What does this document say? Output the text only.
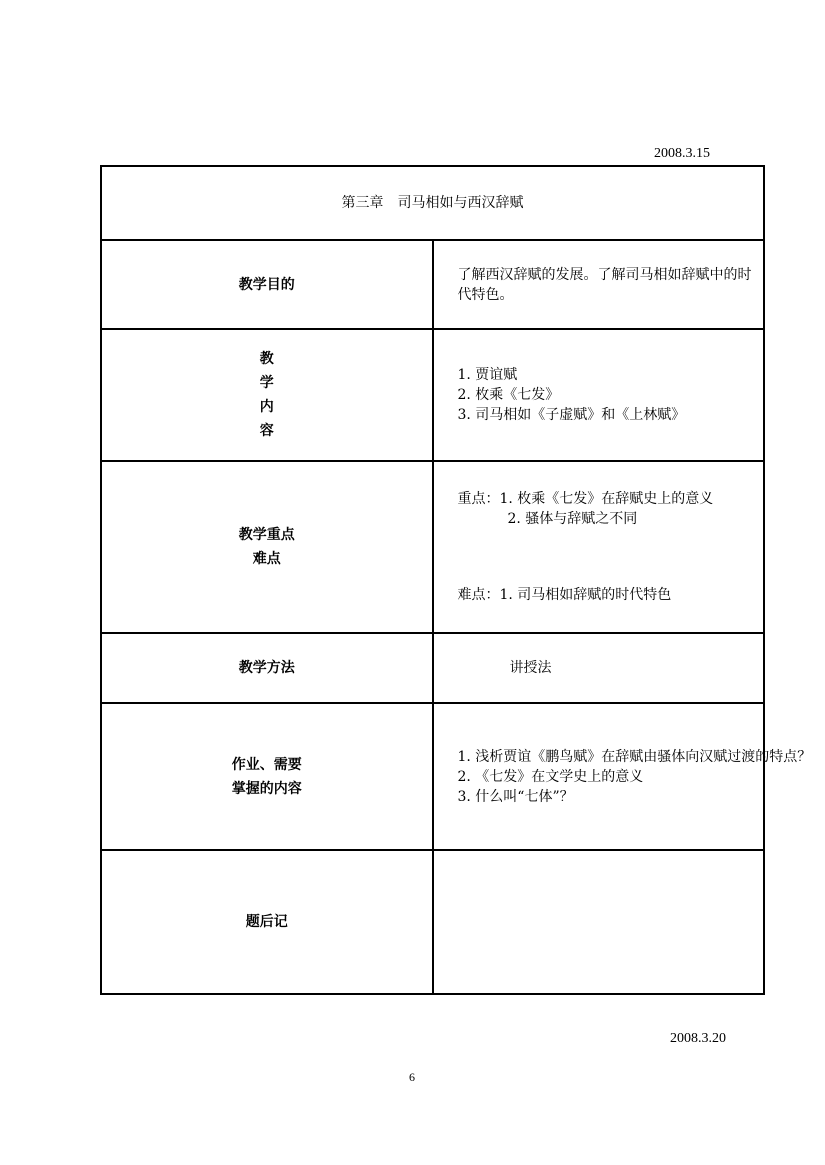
2008.3.15
第三章　司马相如与西汉辞赋	
教学目的	了解西汉辞赋的发展。了解司马相如辞赋中的时代特色。

教
学
内
容	1. 贾谊赋
2. 枚乘《七发》
3. 司马相如《子虚赋》和《上林赋》

教学重点
难点	重点：1. 枚乘《七发》在辞赋史上的意义
2. 骚体与辞赋之不同
难点：1. 司马相如辞赋的时代特色

教学方法	讲授法

作业、需要
掌握的内容	1. 浅析贾谊《鹏鸟赋》在辞赋由骚体向汉赋过渡的特点？
2. 《七发》在文学史上的意义
3. 什么叫“七体”？

题后记	
2008.3.20
6
